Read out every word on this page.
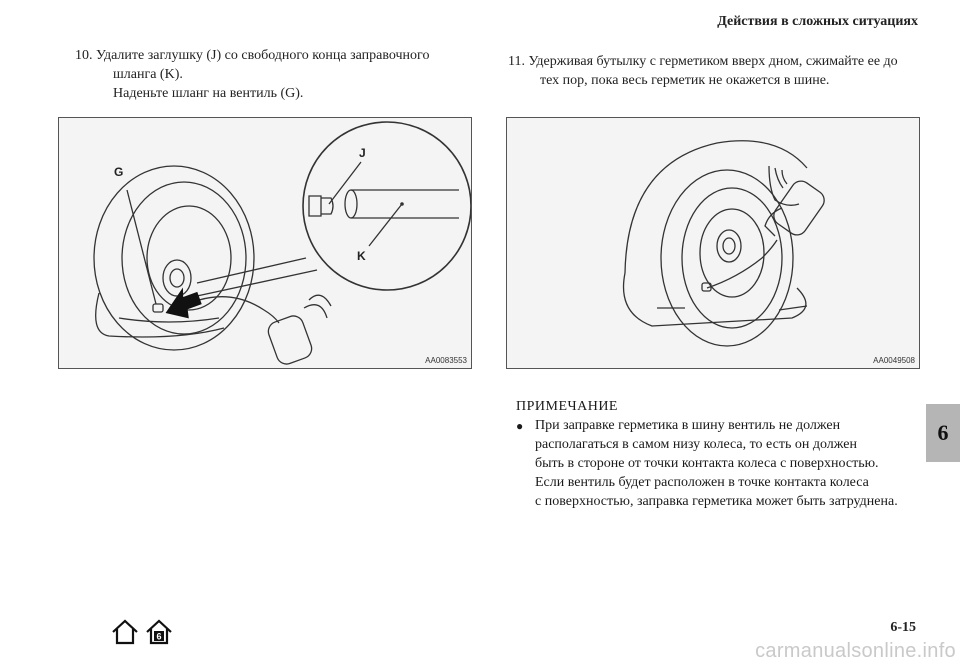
Действия в сложных ситуациях
10. Удалите заглушку (J) со свободного конца заправочного
шланга (K).
Наденьте шланг на вентиль (G).
11. Удерживая бутылку с герметиком вверх дном, сжимайте ее до
тех пор, пока весь герметик не окажется в шине.
G
J
K
AA0083553	AA0049508
ПРИМЕЧАНИЕ
● При заправке герметика в шину вентиль не должен
располагаться в самом низу колеса, то есть он должен
быть в стороне от точки контакта колеса с поверхностью.
Если вентиль будет расположен в точке контакта колеса
с поверхностью, заправка герметика может быть затруднена.
6
6-15
6
carmanualsonline.info
